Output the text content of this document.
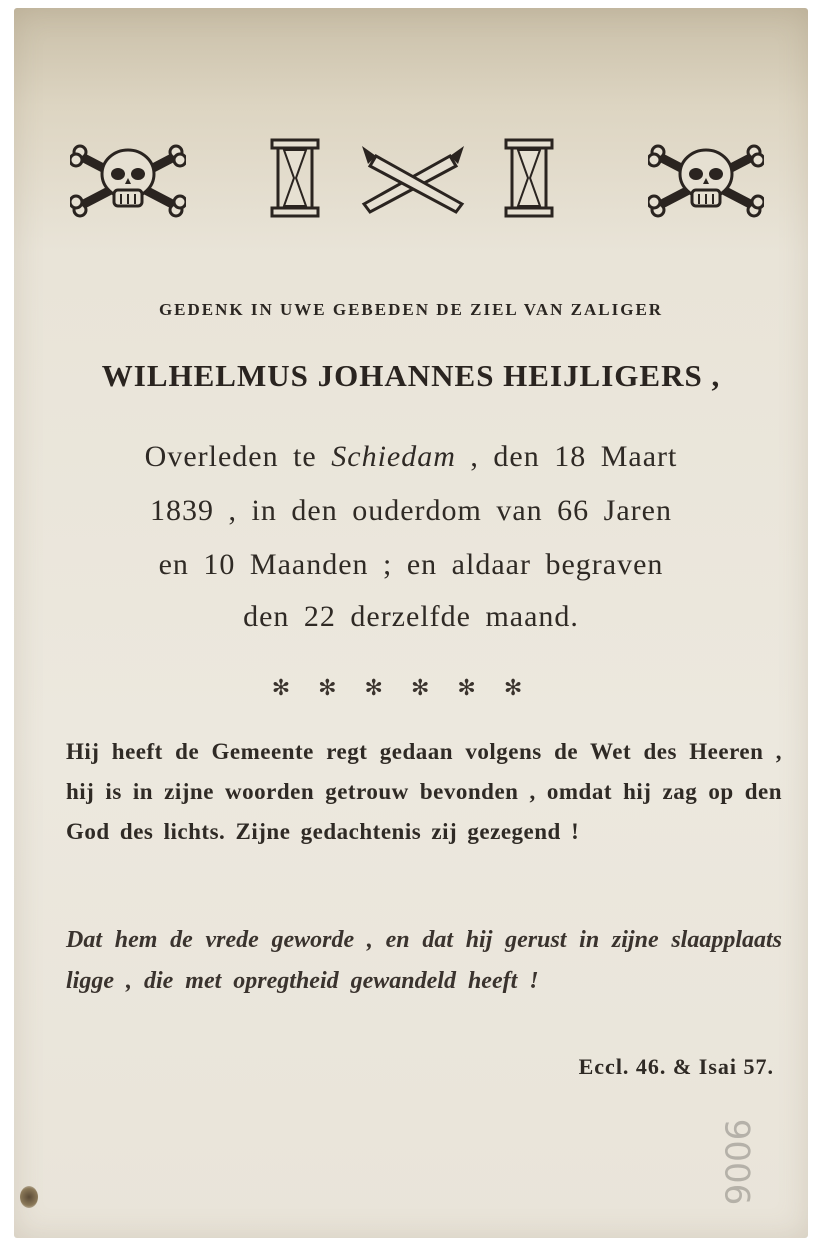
GEDENK IN UWE GEBEDEN DE ZIEL VAN ZALIGER
WILHELMUS JOHANNES HEIJLIGERS ,
Overleden te Schiedam , den 18 Maart
1839 , in den ouderdom van 66 Jaren
en 10 Maanden ; en aldaar begraven
den 22 derzelfde maand.
✻✻✻✻✻✻
Hij heeft de Gemeente regt gedaan volgens de Wet des Heeren , hij is in zijne woorden getrouw bevonden , omdat hij zag op den God des lichts. Zijne gedachtenis zij gezegend !
Dat hem de vrede geworde , en dat hij gerust in zijne slaapplaats ligge , die met opregtheid gewandeld heeft !
Eccl. 46. & Isai 57.
9006
